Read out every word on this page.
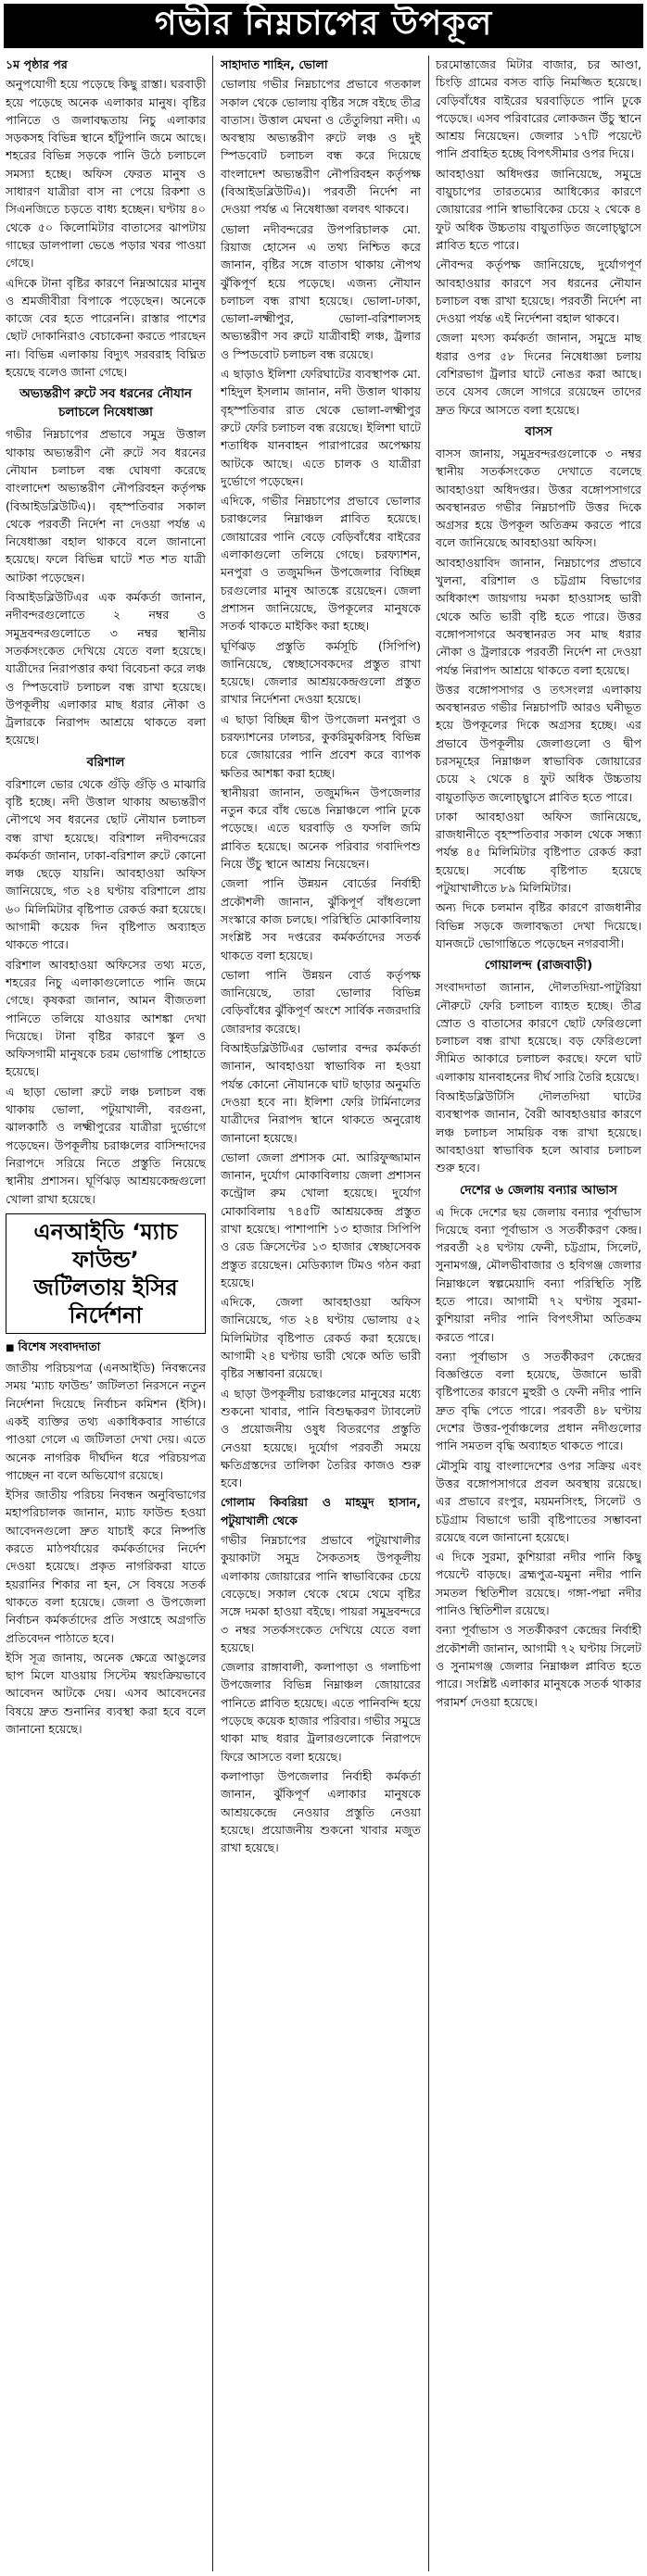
গভীর নিম্নচাপের উপকূল

১ম পৃষ্ঠার পর

অনুপযোগী হয়ে পড়েছে কিছু রাস্তা। ঘরবাড়ী হয়ে পড়েছে অনেক এলাকার মানুষ। বৃষ্টির পানিতে ও জলাবদ্ধতায় নিচু এলাকার সড়কসহ বিভিন্ন স্থানে হাঁটুপানি জমে আছে। শহরের বিভিন্ন সড়কে পানি উঠে চলাচলে সমস্যা হচ্ছে। অফিস ফেরত মানুষ ও সাধারণ যাত্রীরা বাস না পেয়ে রিকশা ও সিএনজিতে চড়তে বাধ্য হচ্ছেন। ঘণ্টায় ৪০ থেকে ৫০ কিলোমিটার বাতাসের ঝাপটায় গাছের ডালপালা ভেঙে পড়ার খবর পাওয়া গেছে।

এদিকে টানা বৃষ্টির কারণে নিম্নআয়ের মানুষ ও শ্রমজীবীরা বিপাকে পড়েছেন। অনেকে কাজে বের হতে পারেননি। রাস্তার পাশের ছোট দোকানিরাও বেচাকেনা করতে পারছেন না। বিভিন্ন এলাকায় বিদ্যুৎ সরবরাহ বিঘ্নিত হয়েছে বলেও জানা গেছে।

অভ্যন্তরীণ রুটে সব ধরনের নৌযান চলাচলে নিষেধাজ্ঞা

গভীর নিম্নচাপের প্রভাবে সমুদ্র উত্তাল থাকায় অভ্যন্তরীণ নৌ রুটে সব ধরনের নৌযান চলাচল বন্ধ ঘোষণা করেছে বাংলাদেশ অভ্যন্তরীণ নৌপরিবহন কর্তৃপক্ষ (বিআইডব্লিউটিএ)। বৃহস্পতিবার সকাল থেকে পরবর্তী নির্দেশ না দেওয়া পর্যন্ত এ নিষেধাজ্ঞা বহাল থাকবে বলে জানানো হয়েছে। ফলে বিভিন্ন ঘাটে শত শত যাত্রী আটকা পড়েছেন।

বিআইডব্লিউটিএর এক কর্মকর্তা জানান, নদীবন্দরগুলোতে ২ নম্বর ও সমুদ্রবন্দরগুলোতে ৩ নম্বর স্থানীয় সতর্কসংকেত দেখিয়ে যেতে বলা হয়েছে। যাত্রীদের নিরাপত্তার কথা বিবেচনা করে লঞ্চ ও স্পিডবোট চলাচল বন্ধ রাখা হয়েছে। উপকূলীয় এলাকার মাছ ধরার নৌকা ও ট্রলারকে নিরাপদ আশ্রয়ে থাকতে বলা হয়েছে।

বরিশাল

বরিশালে ভোর থেকে গুঁড়ি গুঁড়ি ও মাঝারি বৃষ্টি হচ্ছে। নদী উত্তাল থাকায় অভ্যন্তরীণ নৌপথে সব ধরনের ছোট নৌযান চলাচল বন্ধ রাখা হয়েছে। বরিশাল নদীবন্দরের কর্মকর্তা জানান, ঢাকা-বরিশাল রুটে কোনো লঞ্চ ছেড়ে যায়নি। আবহাওয়া অফিস জানিয়েছে, গত ২৪ ঘণ্টায় বরিশালে প্রায় ৬০ মিলিমিটার বৃষ্টিপাত রেকর্ড করা হয়েছে। আগামী কয়েক দিন বৃষ্টিপাত অব্যাহত থাকতে পারে।

বরিশাল আবহাওয়া অফিসের তথ্য মতে, শহরের নিচু এলাকাগুলোতে পানি জমে গেছে। কৃষকরা জানান, আমন বীজতলা পানিতে তলিয়ে যাওয়ার আশঙ্কা দেখা দিয়েছে। টানা বৃষ্টির কারণে স্কুল ও অফিসগামী মানুষকে চরম ভোগান্তি পোহাতে হয়েছে।

এ ছাড়া ভোলা রুটে লঞ্চ চলাচল বন্ধ থাকায় ভোলা, পটুয়াখালী, বরগুনা, ঝালকাঠি ও লক্ষ্মীপুরের যাত্রীরা দুর্ভোগে পড়েছেন। উপকূলীয় চরাঞ্চলের বাসিন্দাদের নিরাপদে সরিয়ে নিতে প্রস্তুতি নিয়েছে স্থানীয় প্রশাসন। ঘূর্ণিঝড় আশ্রয়কেন্দ্রগুলো খোলা রাখা হয়েছে।

এনআইডি ‘ম্যাচ ফাউন্ড’
জটিলতায় ইসির নির্দেশনা

■ বিশেষ সংবাদদাতা

জাতীয় পরিচয়পত্র (এনআইডি) নিবন্ধনের সময় ‘ম্যাচ ফাউন্ড’ জটিলতা নিরসনে নতুন নির্দেশনা দিয়েছে নির্বাচন কমিশন (ইসি)। একই ব্যক্তির তথ্য একাধিকবার সার্ভারে পাওয়া গেলে এ জটিলতা দেখা দেয়। এতে অনেক নাগরিক দীর্ঘদিন ধরে পরিচয়পত্র পাচ্ছেন না বলে অভিযোগ রয়েছে।

ইসির জাতীয় পরিচয় নিবন্ধন অনুবিভাগের মহাপরিচালক জানান, ম্যাচ ফাউন্ড হওয়া আবেদনগুলো দ্রুত যাচাই করে নিষ্পত্তি করতে মাঠপর্যায়ের কর্মকর্তাদের নির্দেশ দেওয়া হয়েছে। প্রকৃত নাগরিকরা যাতে হয়রানির শিকার না হন, সে বিষয়ে সতর্ক থাকতে বলা হয়েছে। জেলা ও উপজেলা নির্বাচন কর্মকর্তাদের প্রতি সপ্তাহে অগ্রগতি প্রতিবেদন পাঠাতে হবে।

ইসি সূত্র জানায়, অনেক ক্ষেত্রে আঙুলের ছাপ মিলে যাওয়ায় সিস্টেম স্বয়ংক্রিয়ভাবে আবেদন আটকে দেয়। এসব আবেদনের বিষয়ে দ্রুত শুনানির ব্যবস্থা করা হবে বলে জানানো হয়েছে।

সাহাদাত শাহিন, ভোলা

ভোলায় গভীর নিম্নচাপের প্রভাবে গতকাল সকাল থেকে ভোলায় বৃষ্টির সঙ্গে বইছে তীব্র বাতাস। উত্তাল মেঘনা ও তেঁতুলিয়া নদী। এ অবস্থায় অভ্যন্তরীণ রুটে লঞ্চ ও দুই স্পিডবোট চলাচল বন্ধ করে দিয়েছে বাংলাদেশ অভ্যন্তরীণ নৌপরিবহন কর্তৃপক্ষ (বিআইডব্লিউটিএ)। পরবর্তী নির্দেশ না দেওয়া পর্যন্ত এ নিষেধাজ্ঞা বলবৎ থাকবে।

ভোলা নদীবন্দরের উপপরিচালক মো. রিয়াজ হোসেন এ তথ্য নিশ্চিত করে জানান, বৃষ্টির সঙ্গে বাতাস থাকায় নৌপথ ঝুঁকিপূর্ণ হয়ে পড়েছে। এজন্য নৌযান চলাচল বন্ধ রাখা হয়েছে। ভোলা-ঢাকা, ভোলা-লক্ষ্মীপুর, ভোলা-বরিশালসহ অভ্যন্তরীণ সব রুটে যাত্রীবাহী লঞ্চ, ট্রলার ও স্পিডবোট চলাচল বন্ধ রয়েছে।

এ ছাড়াও ইলিশা ফেরিঘাটের ব্যবস্থাপক মো. শহিদুল ইসলাম জানান, নদী উত্তাল থাকায় বৃহস্পতিবার রাত থেকে ভোলা-লক্ষ্মীপুর রুটে ফেরি চলাচল বন্ধ রয়েছে। ইলিশা ঘাটে শতাধিক যানবাহন পারাপারের অপেক্ষায় আটকে আছে। এতে চালক ও যাত্রীরা দুর্ভোগে পড়েছেন।

এদিকে, গভীর নিম্নচাপের প্রভাবে ভোলার চরাঞ্চলের নিম্নাঞ্চল প্লাবিত হয়েছে। জোয়ারের পানি বেড়ে বেড়িবাঁধের বাইরের এলাকাগুলো তলিয়ে গেছে। চরফ্যাশন, মনপুরা ও তজুমদ্দিন উপজেলার বিচ্ছিন্ন চরগুলোর মানুষ আতঙ্কে রয়েছেন। জেলা প্রশাসন জানিয়েছে, উপকূলের মানুষকে সতর্ক থাকতে মাইকিং করা হচ্ছে।

ঘূর্ণিঝড় প্রস্তুতি কর্মসূচি (সিপিপি) জানিয়েছে, স্বেচ্ছাসেবকদের প্রস্তুত রাখা হয়েছে। জেলার আশ্রয়কেন্দ্রগুলো প্রস্তুত রাখার নির্দেশনা দেওয়া হয়েছে।

এ ছাড়া বিচ্ছিন্ন দ্বীপ উপজেলা মনপুরা ও চরফ্যাশনের ঢালচর, কুকরিমুকরিসহ বিভিন্ন চরে জোয়ারের পানি প্রবেশ করে ব্যাপক ক্ষতির আশঙ্কা করা হচ্ছে।

স্থানীয়রা জানান, তজুমদ্দিন উপজেলার নতুন করে বাঁধ ভেঙে নিম্নাঞ্চলে পানি ঢুকে পড়েছে। এতে ঘরবাড়ি ও ফসলি জমি প্লাবিত হয়েছে। অনেক পরিবার গবাদিপশু নিয়ে উঁচু স্থানে আশ্রয় নিয়েছেন।

জেলা পানি উন্নয়ন বোর্ডের নির্বাহী প্রকৌশলী জানান, ঝুঁকিপূর্ণ বাঁধগুলো সংস্কারে কাজ চলছে। পরিস্থিতি মোকাবিলায় সংশ্লিষ্ট সব দপ্তরের কর্মকর্তাদের সতর্ক থাকতে বলা হয়েছে।

ভোলা পানি উন্নয়ন বোর্ড কর্তৃপক্ষ জানিয়েছে, তারা ভোলার বিভিন্ন বেড়িবাঁধের ঝুঁকিপূর্ণ অংশে সার্বিক নজরদারি জোরদার করেছে।

বিআইডব্লিউটিএর ভোলার বন্দর কর্মকর্তা জানান, আবহাওয়া স্বাভাবিক না হওয়া পর্যন্ত কোনো নৌযানকে ঘাট ছাড়ার অনুমতি দেওয়া হবে না। ইলিশা ফেরি টার্মিনালের যাত্রীদের নিরাপদ স্থানে থাকতে অনুরোধ জানানো হয়েছে।

ভোলা জেলা প্রশাসক মো. আরিফুজ্জামান জানান, দুর্যোগ মোকাবিলায় জেলা প্রশাসন কন্ট্রোল রুম খোলা হয়েছে। দুর্যোগ মোকাবিলায় ৭৪৫টি আশ্রয়কেন্দ্র প্রস্তুত রাখা হয়েছে। পাশাপাশি ১৩ হাজার সিপিপি ও রেড ক্রিসেন্টের ১৩ হাজার স্বেচ্ছাসেবক প্রস্তুত রয়েছেন। মেডিক্যাল টিমও গঠন করা হয়েছে।

এদিকে, জেলা আবহাওয়া অফিস জানিয়েছে, গত ২৪ ঘণ্টায় ভোলায় ৫২ মিলিমিটার বৃষ্টিপাত রেকর্ড করা হয়েছে। আগামী ২৪ ঘণ্টায় ভারী থেকে অতি ভারী বৃষ্টির সম্ভাবনা রয়েছে।

এ ছাড়া উপকূলীয় চরাঞ্চলের মানুষের মধ্যে শুকনো খাবার, পানি বিশুদ্ধকরণ ট্যাবলেট ও প্রয়োজনীয় ওষুধ বিতরণের প্রস্তুতি নেওয়া হয়েছে। দুর্যোগ পরবর্তী সময়ে ক্ষতিগ্রস্তদের তালিকা তৈরির কাজও শুরু হবে।

গোলাম কিবরিয়া ও মাহমুদ হাসান, পটুয়াখালী থেকে

গভীর নিম্নচাপের প্রভাবে পটুয়াখালীর কুয়াকাটা সমুদ্র সৈকতসহ উপকূলীয় এলাকায় জোয়ারের পানি স্বাভাবিকের চেয়ে বেড়েছে। সকাল থেকে থেমে থেমে বৃষ্টির সঙ্গে দমকা হাওয়া বইছে। পায়রা সমুদ্রবন্দরে ৩ নম্বর সতর্কসংকেত দেখিয়ে যেতে বলা হয়েছে।

জেলার রাঙ্গাবালী, কলাপাড়া ও গলাচিপা উপজেলার বিভিন্ন নিম্নাঞ্চল জোয়ারের পানিতে প্লাবিত হয়েছে। এতে পানিবন্দি হয়ে পড়েছে কয়েক হাজার পরিবার। গভীর সমুদ্রে থাকা মাছ ধরার ট্রলারগুলোকে নিরাপদে ফিরে আসতে বলা হয়েছে।

কলাপাড়া উপজেলার নির্বাহী কর্মকর্তা জানান, ঝুঁকিপূর্ণ এলাকার মানুষকে আশ্রয়কেন্দ্রে নেওয়ার প্রস্তুতি নেওয়া হয়েছে। প্রয়োজনীয় শুকনো খাবার মজুত রাখা হয়েছে।

চরমোন্তাজের মিটার বাজার, চর আণ্ডা, চিংড়ি গ্রামের বসত বাড়ি নিমজ্জিত হয়েছে। বেড়িবাঁধের বাইরের ঘরবাড়িতে পানি ঢুকে পড়েছে। এসব পরিবারের লোকজন উঁচু স্থানে আশ্রয় নিয়েছেন। জেলার ১৭টি পয়েন্টে পানি প্রবাহিত হচ্ছে বিপৎসীমার ওপর দিয়ে।

আবহাওয়া অধিদপ্তর জানিয়েছে, সমুদ্রে বায়ুচাপের তারতম্যের আধিক্যের কারণে জোয়ারের পানি স্বাভাবিকের চেয়ে ২ থেকে ৪ ফুট অধিক উচ্চতায় বায়ুতাড়িত জলোচ্ছ্বাসে প্লাবিত হতে পারে।

নৌবন্দর কর্তৃপক্ষ জানিয়েছে, দুর্যোগপূর্ণ আবহাওয়ার কারণে সব ধরনের নৌযান চলাচল বন্ধ রাখা হয়েছে। পরবর্তী নির্দেশ না দেওয়া পর্যন্ত এই নির্দেশনা বহাল থাকবে।

জেলা মৎস্য কর্মকর্তা জানান, সমুদ্রে মাছ ধরার ওপর ৫৮ দিনের নিষেধাজ্ঞা চলায় বেশিরভাগ ট্রলার ঘাটে নোঙর করা আছে। তবে যেসব জেলে সাগরে রয়েছেন তাদের দ্রুত ফিরে আসতে বলা হয়েছে।

বাসস

বাসস জানায়, সমুদ্রবন্দরগুলোকে ৩ নম্বর স্থানীয় সতর্কসংকেত দেখাতে বলেছে আবহাওয়া অধিদপ্তর। উত্তর বঙ্গোপসাগরে অবস্থানরত গভীর নিম্নচাপটি উত্তর দিকে অগ্রসর হয়ে উপকূল অতিক্রম করতে পারে বলে জানিয়েছে আবহাওয়া অফিস।

আবহাওয়াবিদ জানান, নিম্নচাপের প্রভাবে খুলনা, বরিশাল ও চট্টগ্রাম বিভাগের অধিকাংশ জায়গায় দমকা হাওয়াসহ ভারী থেকে অতি ভারী বৃষ্টি হতে পারে। উত্তর বঙ্গোপসাগরে অবস্থানরত সব মাছ ধরার নৌকা ও ট্রলারকে পরবর্তী নির্দেশ না দেওয়া পর্যন্ত নিরাপদ আশ্রয়ে থাকতে বলা হয়েছে।

উত্তর বঙ্গোপসাগর ও তৎসংলগ্ন এলাকায় অবস্থানরত গভীর নিম্নচাপটি আরও ঘনীভূত হয়ে উপকূলের দিকে অগ্রসর হচ্ছে। এর প্রভাবে উপকূলীয় জেলাগুলো ও দ্বীপ চরসমূহের নিম্নাঞ্চল স্বাভাবিক জোয়ারের চেয়ে ২ থেকে ৪ ফুট অধিক উচ্চতায় বায়ুতাড়িত জলোচ্ছ্বাসে প্লাবিত হতে পারে।

ঢাকা আবহাওয়া অফিস জানিয়েছে, রাজধানীতে বৃহস্পতিবার সকাল থেকে সন্ধ্যা পর্যন্ত ৪৫ মিলিমিটার বৃষ্টিপাত রেকর্ড করা হয়েছে। সর্বোচ্চ বৃষ্টিপাত হয়েছে পটুয়াখালীতে ৮৯ মিলিমিটার।

অন্য দিকে চলমান বৃষ্টির কারণে রাজধানীর বিভিন্ন সড়কে জলাবদ্ধতা দেখা দিয়েছে। যানজটে ভোগান্তিতে পড়েছেন নগরবাসী।

গোয়ালন্দ (রাজবাড়ী)

সংবাদদাতা জানান, দৌলতদিয়া-পাটুরিয়া নৌরুটে ফেরি চলাচল ব্যাহত হচ্ছে। তীব্র স্রোত ও বাতাসের কারণে ছোট ফেরিগুলো চলাচল বন্ধ রাখা হয়েছে। বড় ফেরিগুলো সীমিত আকারে চলাচল করছে। ফলে ঘাট এলাকায় যানবাহনের দীর্ঘ সারি তৈরি হয়েছে।

বিআইডব্লিউটিসি দৌলতদিয়া ঘাটের ব্যবস্থাপক জানান, বৈরী আবহাওয়ার কারণে লঞ্চ চলাচল সাময়িক বন্ধ রাখা হয়েছে। আবহাওয়া স্বাভাবিক হলে আবার চলাচল শুরু হবে।

দেশের ৬ জেলায় বন্যার আভাস

এ দিকে দেশের ছয় জেলায় বন্যার পূর্বাভাস দিয়েছে বন্যা পূর্বাভাস ও সতর্কীকরণ কেন্দ্র। পরবর্তী ২৪ ঘণ্টায় ফেনী, চট্টগ্রাম, সিলেট, সুনামগঞ্জ, মৌলভীবাজার ও হবিগঞ্জ জেলার নিম্নাঞ্চলে স্বল্পমেয়াদি বন্যা পরিস্থিতি সৃষ্টি হতে পারে। আগামী ৭২ ঘণ্টায় সুরমা-কুশিয়ারা নদীর পানি বিপৎসীমা অতিক্রম করতে পারে।

বন্যা পূর্বাভাস ও সতর্কীকরণ কেন্দ্রের বিজ্ঞপ্তিতে বলা হয়েছে, উজানে ভারী বৃষ্টিপাতের কারণে মুহুরী ও ফেনী নদীর পানি দ্রুত বৃদ্ধি পেতে পারে। পরবর্তী ৪৮ ঘণ্টায় দেশের উত্তর-পূর্বাঞ্চলের প্রধান নদীগুলোর পানি সমতল বৃদ্ধি অব্যাহত থাকতে পারে।

মৌসুমি বায়ু বাংলাদেশের ওপর সক্রিয় এবং উত্তর বঙ্গোপসাগরে প্রবল অবস্থায় রয়েছে। এর প্রভাবে রংপুর, ময়মনসিংহ, সিলেট ও চট্টগ্রাম বিভাগে ভারী বৃষ্টিপাতের সম্ভাবনা রয়েছে বলে জানানো হয়েছে।

এ দিকে সুরমা, কুশিয়ারা নদীর পানি কিছু পয়েন্টে বাড়ছে। ব্রহ্মপুত্র-যমুনা নদীর পানি সমতল স্থিতিশীল রয়েছে। গঙ্গা-পদ্মা নদীর পানিও স্থিতিশীল রয়েছে।

বন্যা পূর্বাভাস ও সতর্কীকরণ কেন্দ্রের নির্বাহী প্রকৌশলী জানান, আগামী ৭২ ঘণ্টায় সিলেট ও সুনামগঞ্জ জেলার নিম্নাঞ্চল প্লাবিত হতে পারে। সংশ্লিষ্ট এলাকার মানুষকে সতর্ক থাকার পরামর্শ দেওয়া হয়েছে।
